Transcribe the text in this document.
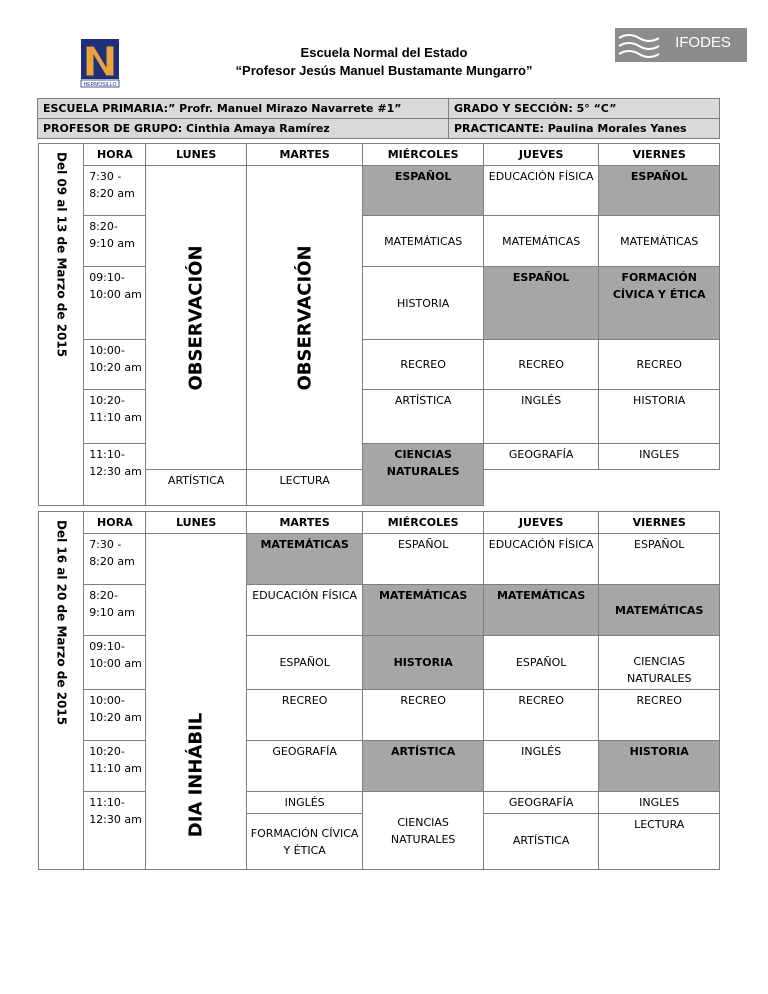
HERMOSILLO
IFODES
Escuela Normal del Estado
“Profesor Jesús Manuel Bustamante Mungarro”
ESCUELA PRIMARIA:” Profr. Manuel Mirazo Navarrete #1”	GRADO Y SECCIÓN: 5° “C”
PROFESOR DE GRUPO: Cinthia Amaya Ramírez	PRACTICANTE: Paulina Morales Yanes
Del 09 al 13 de Marzo de 2015	HORA	LUNES	MARTES	MIÉRCOLES	JUEVES	VIERNES
	7:30 - 8:20 am	OBSERVACIÓN	OBSERVACIÓN	ESPAÑOL	EDUCACIÓN FÍSICA	ESPAÑOL
	8:20- 9:10 am			MATEMÁTICAS	MATEMÁTICAS	MATEMÁTICAS
	09:10- 10:00 am			HISTORIA	ESPAÑOL	FORMACIÓN CÍVICA Y ÉTICA
	10:00- 10:20 am			RECREO	RECREO	RECREO
	10:20- 11:10 am			ARTÍSTICA	INGLÉS	HISTORIA
	11:10- 12:30 am			CIENCIAS NATURALES	GEOGRAFÍA	INGLES
		ARTÍSTICA	LECTURA			
Del 16 al 20 de Marzo de 2015	HORA	LUNES	MARTES	MIÉRCOLES	JUEVES	VIERNES
	7:30 - 8:20 am	DIA INHÁBIL	MATEMÁTICAS	ESPAÑOL	EDUCACIÓN FÍSICA	ESPAÑOL
	8:20- 9:10 am		EDUCACIÓN FÍSICA	MATEMÁTICAS	MATEMÁTICAS	MATEMÁTICAS
	09:10- 10:00 am		ESPAÑOL	HISTORIA	ESPAÑOL	CIENCIAS NATURALES
	10:00- 10:20 am		RECREO	RECREO	RECREO	RECREO
	10:20- 11:10 am		GEOGRAFÍA	ARTÍSTICA	INGLÉS	HISTORIA
	11:10- 12:30 am		INGLÉS	CIENCIAS NATURALES	GEOGRAFÍA	INGLES
			FORMACIÓN CÍVICA Y ÉTICA		ARTÍSTICA	LECTURA
